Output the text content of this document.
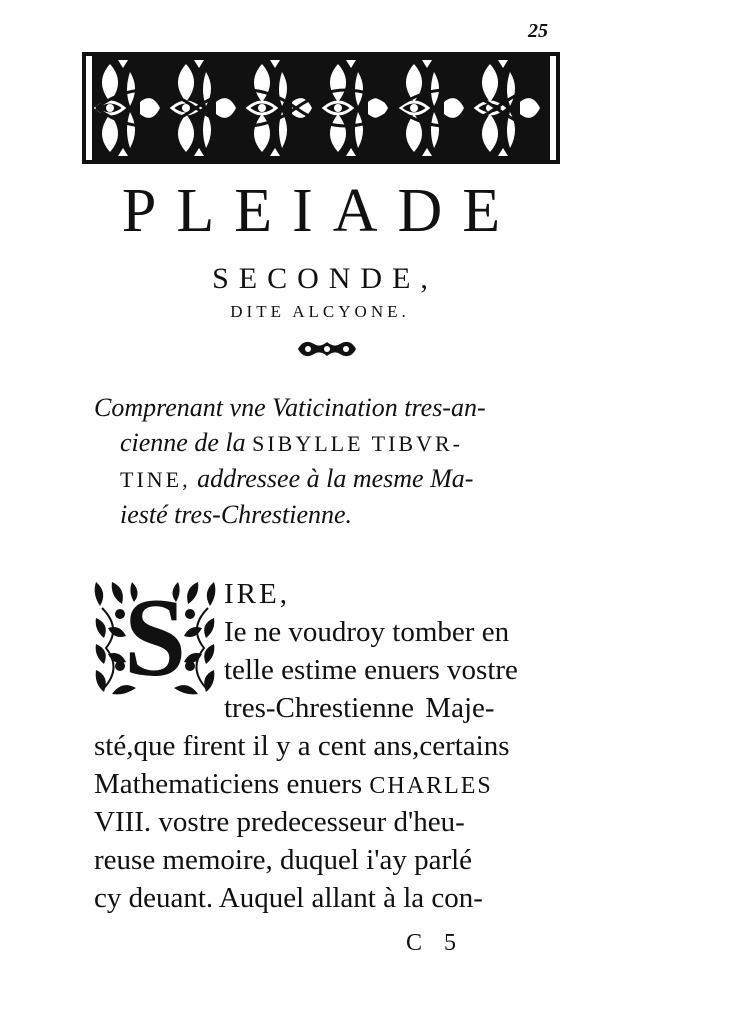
25
PLEIADE
SECONDE,
DITE ALCYONE.
Comprenant vne Vaticination tres-an-
cienne de la SIBYLLE TIBVR-
TINE, addressee à la mesme Ma-
iesté tres-Chrestienne.
S	IRE,
Ie ne voudroy tomber en
telle estime enuers vostre
tres-Chrestienne Maje-
sté,que firent il y a cent ans,certains
Mathematiciens enuers CHARLES
VIII. vostre predecesseur d'heu-
reuse memoire, duquel i'ay parlé
cy deuant. Auquel allant à la con-
C 5
